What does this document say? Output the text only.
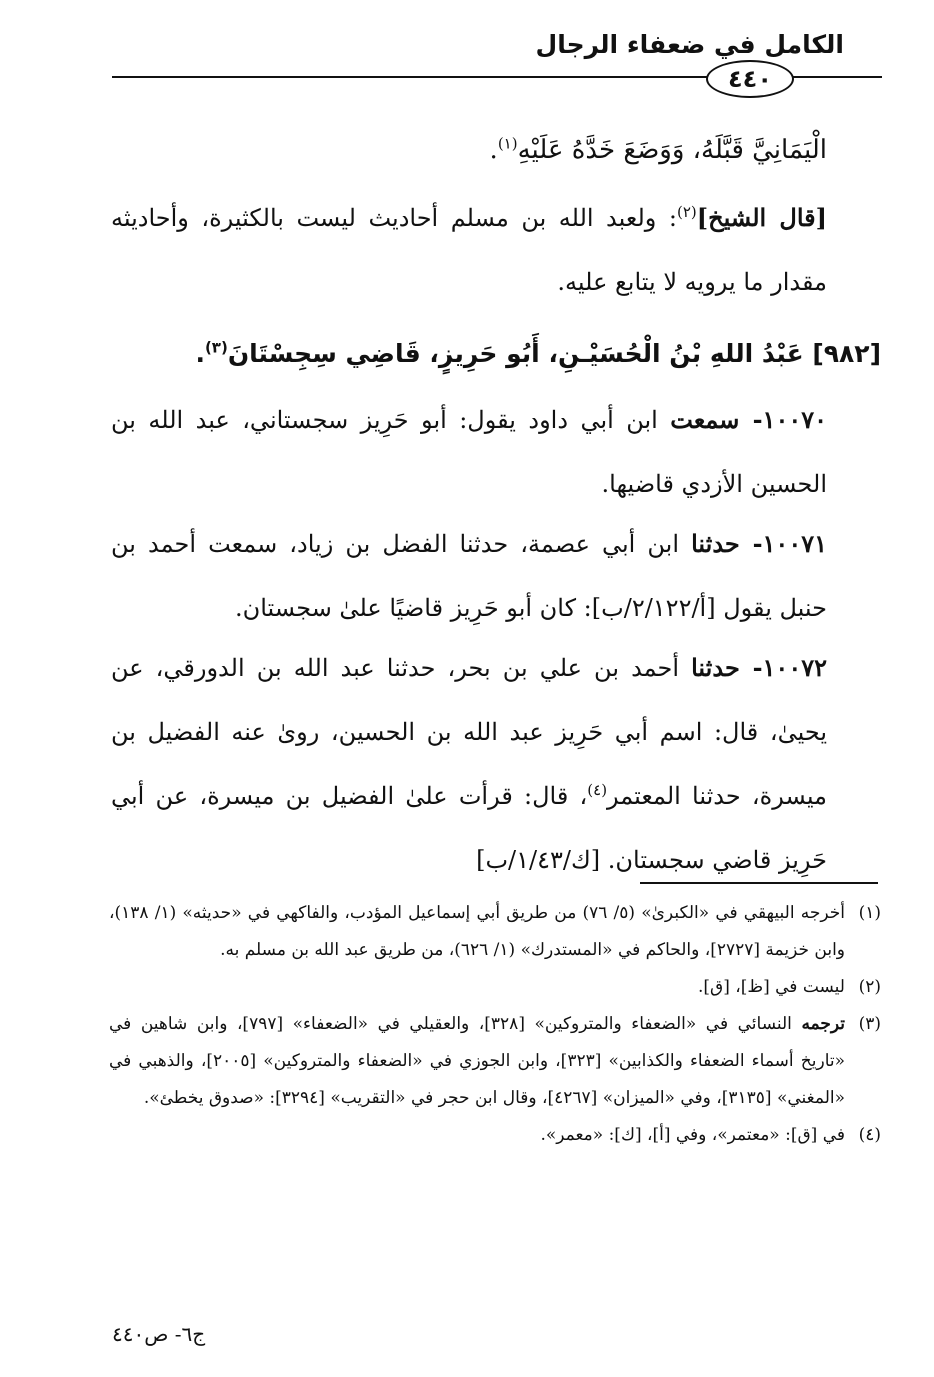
الكامل في ضعفاء الرجال
٤٤٠

الْيَمَانِيَّ قَبَّلَهُ، وَوَضَعَ خَدَّهُ عَلَيْهِ$^{(١)}$.

[قال الشيخ]$^{(٢)}$: ولعبد الله بن مسلم أحاديث ليست بالكثيرة، وأحاديثه مقدار ما يرويه لا يتابع عليه.

[٩٨٢] عَبْدُ اللهِ بْنُ الْحُسَيْـنِ، أَبُو حَرِيزٍ، قَاضِي سِجِسْتَانَ$^{(٣)}$.

١٠٠٧٠- سمعت ابن أبي داود يقول: أبو حَرِيز سجستاني، عبد الله بن الحسين الأزدي قاضيها.

١٠٠٧١- حدثنا ابن أبي عصمة، حدثنا الفضل بن زياد، سمعت أحمد بن حنبل يقول [أ/٢/١٢٢/ب]: كان أبو حَرِيز قاضيًا علىٰ سجستان.

١٠٠٧٢- حدثنا أحمد بن علي بن بحر، حدثنا عبد الله بن الدورقي، عن يحيىٰ، قال: اسم أبي حَرِيز عبد الله بن الحسين، روىٰ عنه الفضيل بن ميسرة، حدثنا المعتمر$^{(٤)}$، قال: قرأت علىٰ الفضيل بن ميسرة، عن أبي حَرِيز قاضي سجستان. [ك/١/٤٣/ب]

(١)
أخرجه البيهقي في «الكبرىٰ» (٥/ ٧٦) من طريق أبي إسماعيل المؤدب، والفاكهي في «حديثه» (١/ ١٣٨)، وابن خزيمة [٢٧٢٧]، والحاكم في «المستدرك» (١/ ٦٢٦)، من طريق عبد الله بن مسلم به.

(٢)
ليست في [ظ]، [ق].

(٣)
ترجمه النسائي في «الضعفاء والمتروكين» [٣٢٨]، والعقيلي في «الضعفاء» [٧٩٧]، وابن شاهين في «تاريخ أسماء الضعفاء والكذابين» [٣٢٣]، وابن الجوزي في «الضعفاء والمتروكين» [٢٠٠٥]، والذهبي في «المغني» [٣١٣٥]، وفي «الميزان» [٤٢٦٧]، وقال ابن حجر في «التقريب» [٣٢٩٤]: «صدوق يخطئ».

(٤)
في [ق]: «معتمر»، وفي [أ]، [ك]: «معمر».

ج٦- ص٤٤٠
